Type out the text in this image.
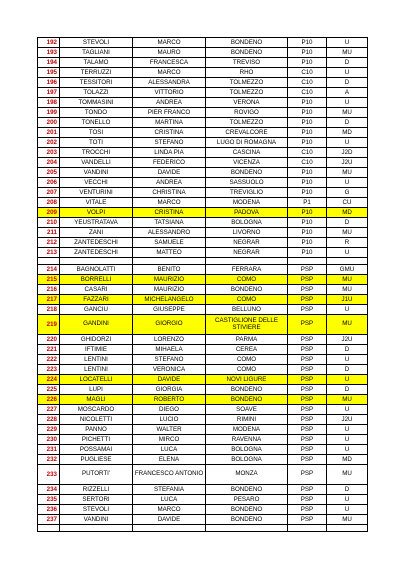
192	STEVOLI	MARCO	BONDENO	P10	U
193	TAGLIANI	MAURO	BONDENO	P10	MU
194	TALAMO	FRANCESCA	TREVISO	P10	D
195	TERRUZZI	MARCO	RHO	C10	U
196	TESSITORI	ALESSANDRA	TOLMEZZO	C10	D
197	TOLAZZI	VITTORIO	TOLMEZZO	C10	A
198	TOMMASINI	ANDREA	VERONA	P10	U
199	TONDO	PIER FRANCO	ROVIGO	P10	MU
200	TONELLO	MARTINA	TOLMEZZO	P10	D
201	TOSI	CRISTINA	CREVALCORE	P10	MD
202	TOTI	STEFANO	LUGO DI ROMAGNA	P10	U
203	TROCCHI	LINDA PIA	CASCINA	C10	J2D
204	VANDELLI	FEDERICO	VICENZA	C10	J2U
205	VANDINI	DAVIDE	BONDENO	P10	MU
206	VECCHI	ANDREA	SASSUOLO	P10	U
207	VENTURINI	CHRISTINA	TREVIGLIO	P10	G
208	VITALE	MARCO	MODENA	P1	CU
209	VOLPI	CRISTINA	PADOVA	P10	MD
210	YEUSTRATAVA	TATSIANA	BOLOGNA	P10	D
211	ZANI	ALESSANDRO	LIVORNO	P10	MU
212	ZANTEDESCHI	SAMUELE	NEGRAR	P10	R
213	ZANTEDESCHI	MATTEO	NEGRAR	P10	U

214	BAGNOLATTI	BENITO	FERRARA	PSP	GMU
215	BORRELLI	MAURIZIO	COMO	PSP	MU
216	CASARI	MAURIZIO	BONDENO	PSP	MU
217	FAZZARI	MICHELANGELO	COMO	PSP	J1U
218	GANCIU	GIUSEPPE	BELLUNO	PSP	U
219	GANDINI	GIORGIO	CASTIGLIONE DELLE STIVIERE	PSP	MU
220	GHIDORZI	LORENZO	PARMA	PSP	J2U
221	IFTIMIE	MIHAELA	CEREA	PSP	D
222	LENTINI	STEFANO	COMO	PSP	U
223	LENTINI	VERONICA	COMO	PSP	D
224	LOCATELLI	DAVIDE	NOVI LIGURE	PSP	U
225	LUPI	GIORGIA	BONDENO	PSP	D
226	MAGLI	ROBERTO	BONDENO	PSP	MU
227	MOSCARDO	DIEGO	SOAVE	PSP	U
228	NICOLETTI	LUCIO	RIMINI	PSP	J2U
229	PANNO	WALTER	MODENA	PSP	U
230	PICHETTI	MIRCO	RAVENNA	PSP	U
231	POSSAMAI	LUCA	BOLOGNA	PSP	U
232	PUGLIESE	ELENA	BOLOGNA	PSP	MD
233	PUTORTI'	FRANCESCO ANTONIO	MONZA	PSP	MU
234	RIZZELLI	STEFANIA	BONDENO	PSP	D
235	SERTORI	LUCA	PESARO	PSP	U
236	STEVOLI	MARCO	BONDENO	PSP	U
237	VANDINI	DAVIDE	BONDENO	PSP	MU
